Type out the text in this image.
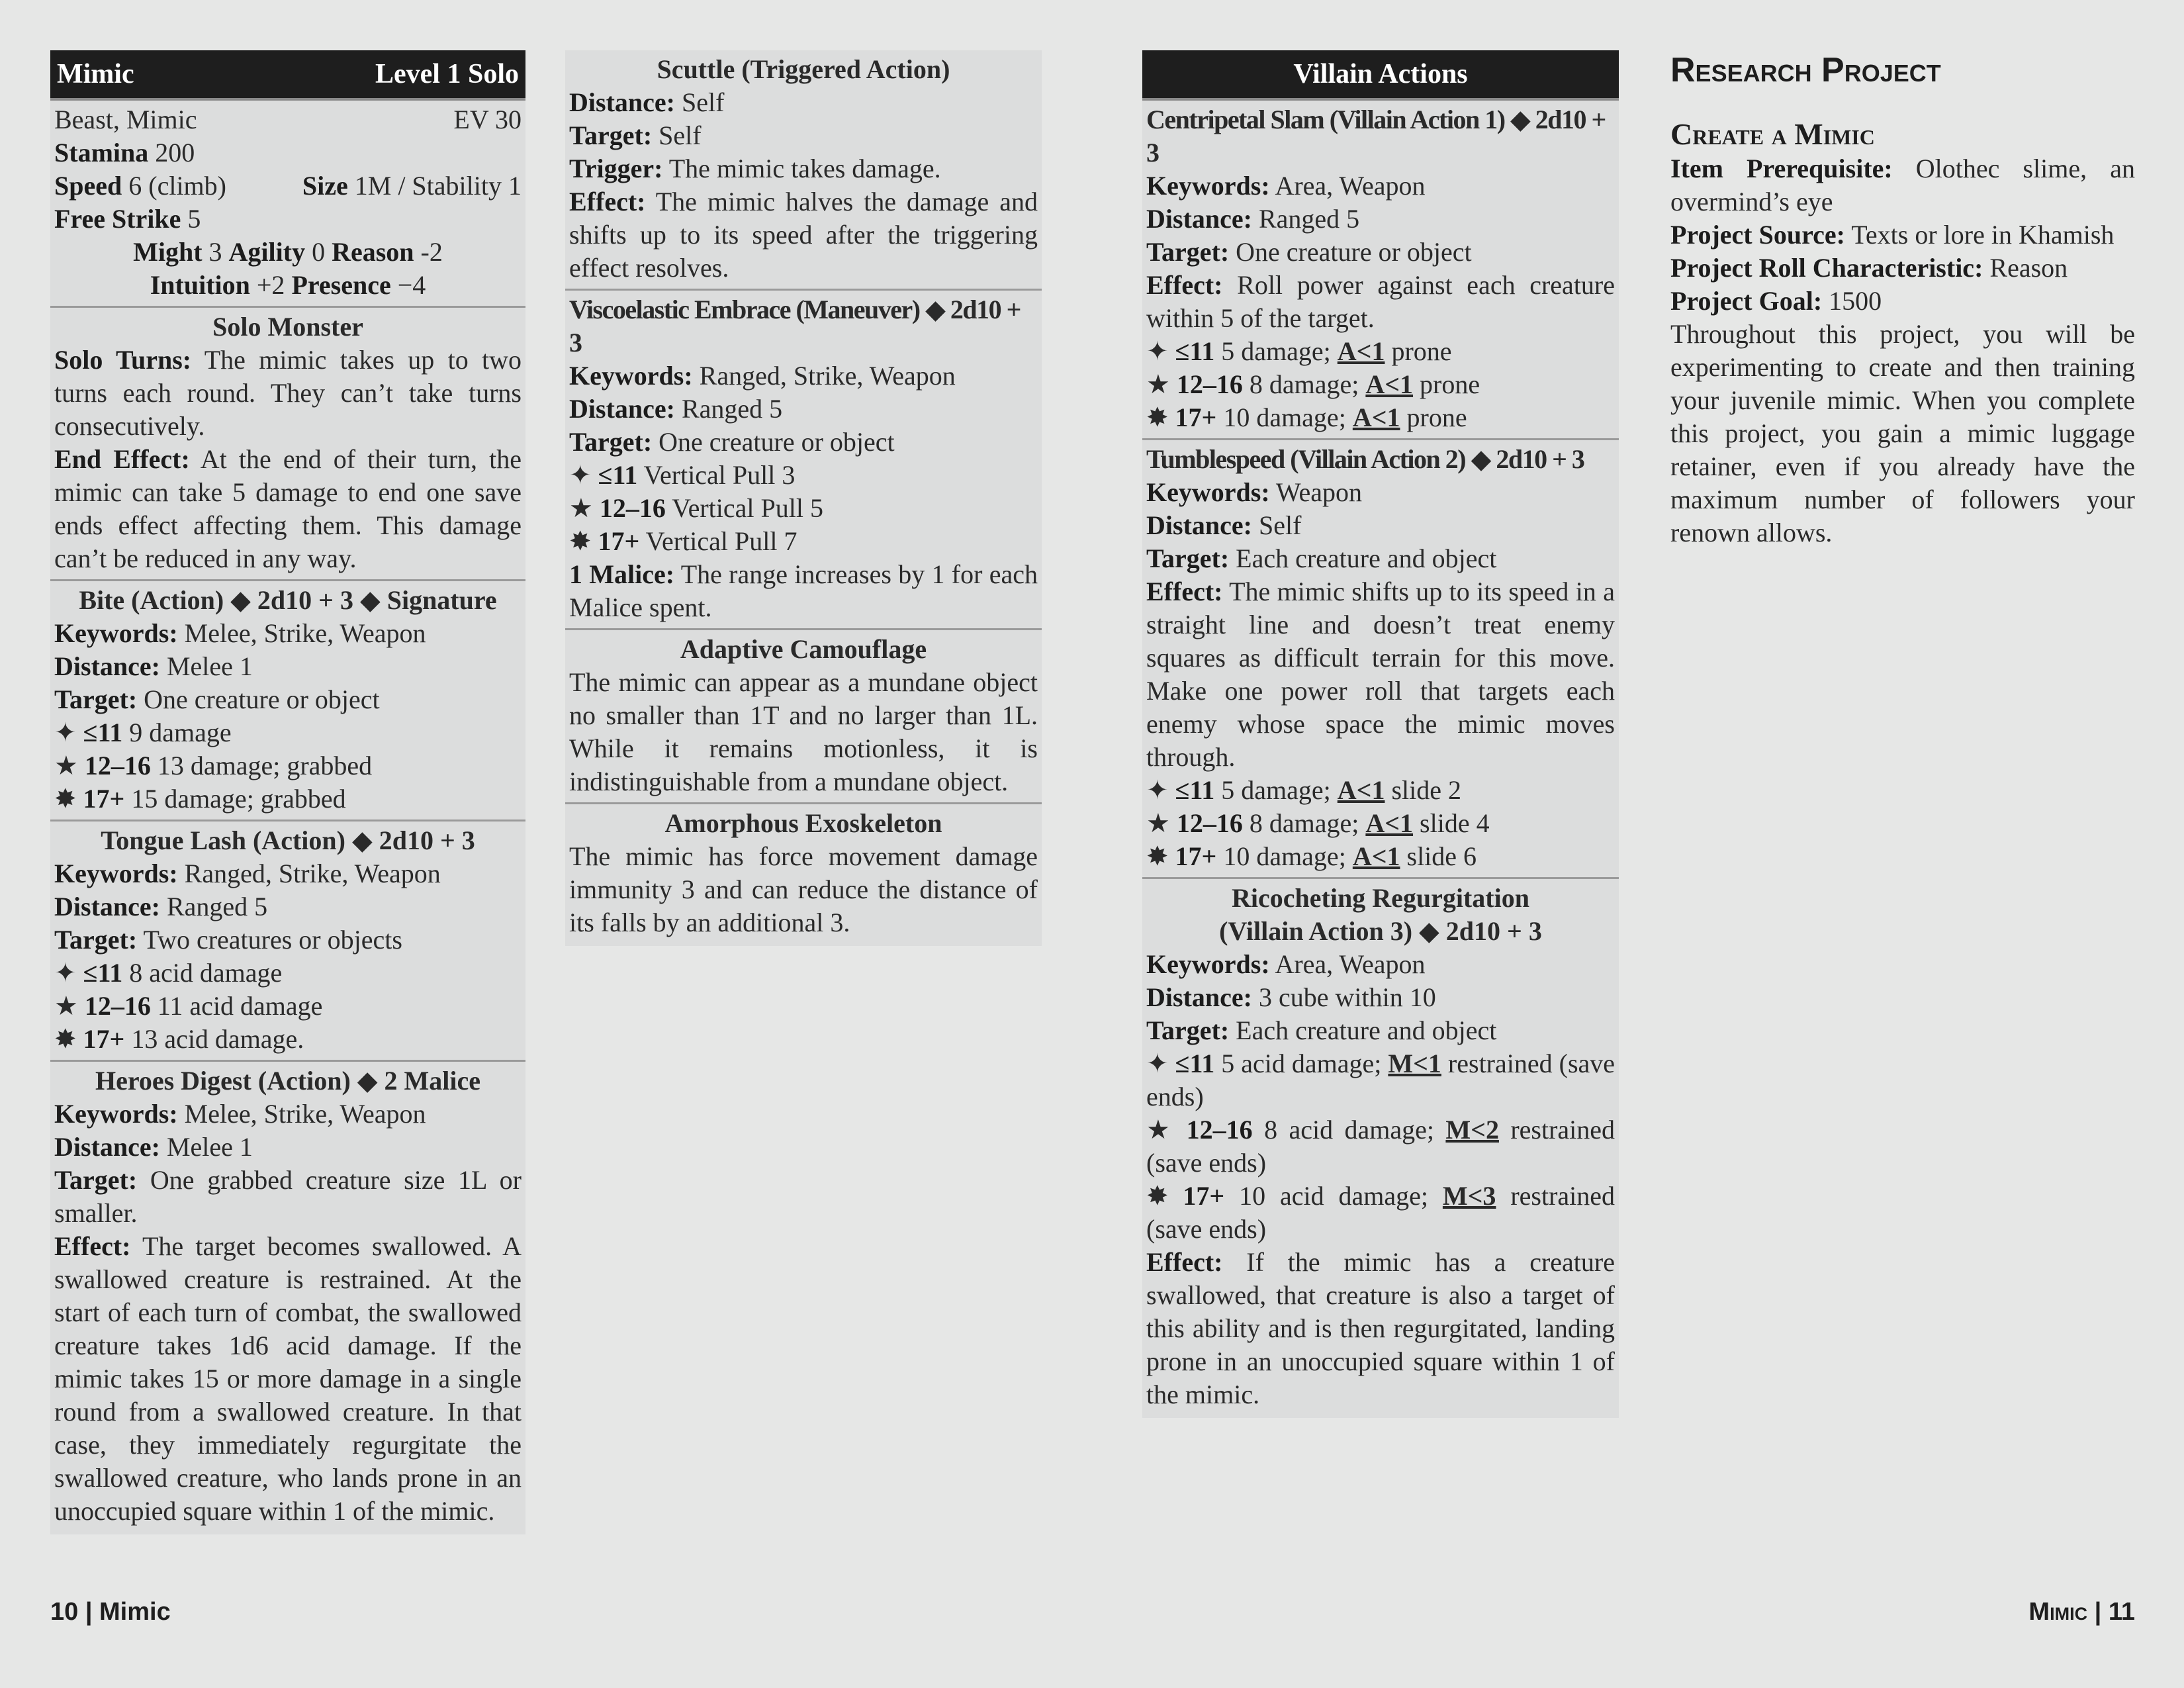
Mimic	Level 1 Solo
Beast, Mimic	EV 30
Stamina 200
Speed 6 (climb)	Size 1M / Stability 1
Free Strike 5
Might 3 Agility 0 Reason -2
Intuition +2 Presence −4
Solo Monster
Solo Turns: The mimic takes up to two turns each round. They can’t take turns consecutively.
End Effect: At the end of their turn, the mimic can take 5 damage to end one save ends effect affecting them. This damage can’t be reduced in any way.
Bite (Action) ◆ 2d10 + 3 ◆ Signature
Keywords: Melee, Strike, Weapon
Distance: Melee 1
Target: One creature or object
✦ ≤11 9 damage
★ 12–16 13 damage; grabbed
✸ 17+ 15 damage; grabbed
Tongue Lash (Action) ◆ 2d10 + 3
Keywords: Ranged, Strike, Weapon
Distance: Ranged 5
Target: Two creatures or objects
✦ ≤11 8 acid damage
★ 12–16 11 acid damage
✸ 17+ 13 acid damage.
Heroes Digest (Action) ◆ 2 Malice
Keywords: Melee, Strike, Weapon
Distance: Melee 1
Target: One grabbed creature size 1L or smaller.
Effect: The target becomes swallowed. A swallowed creature is restrained. At the start of each turn of combat, the swallowed creature takes 1d6 acid damage. If the mimic takes 15 or more damage in a single round from a swallowed creature. In that case, they immediately regurgitate the swallowed creature, who lands prone in an unoccupied square within 1 of the mimic.
Scuttle (Triggered Action)
Distance: Self
Target: Self
Trigger: The mimic takes damage.
Effect: The mimic halves the damage and shifts up to its speed after the triggering effect resolves.
Viscoelastic Embrace (Maneuver) ◆ 2d10 + 3
Keywords: Ranged, Strike, Weapon
Distance: Ranged 5
Target: One creature or object
✦ ≤11 Vertical Pull 3
★ 12–16 Vertical Pull 5
✸ 17+ Vertical Pull 7
1 Malice: The range increases by 1 for each Malice spent.
Adaptive Camouflage
The mimic can appear as a mundane object no smaller than 1T and no larger than 1L. While it remains motionless, it is indistinguishable from a mundane object.
Amorphous Exoskeleton
The mimic has force movement damage immunity 3 and can reduce the distance of its falls by an additional 3.
Villain Actions
Centripetal Slam (Villain Action 1) ◆ 2d10 + 3
Keywords: Area, Weapon
Distance: Ranged 5
Target: One creature or object
Effect: Roll power against each creature within 5 of the target.
✦ ≤11 5 damage; A<1 prone
★ 12–16 8 damage; A<1 prone
✸ 17+ 10 damage; A<1 prone
Tumblespeed (Villain Action 2) ◆ 2d10 + 3
Keywords: Weapon
Distance: Self
Target: Each creature and object
Effect: The mimic shifts up to its speed in a straight line and doesn’t treat enemy squares as difficult terrain for this move. Make one power roll that targets each enemy whose space the mimic moves through.
✦ ≤11 5 damage; A<1 slide 2
★ 12–16 8 damage; A<1 slide 4
✸ 17+ 10 damage; A<1 slide 6
Ricocheting Regurgitation
(Villain Action 3) ◆ 2d10 + 3
Keywords: Area, Weapon
Distance: 3 cube within 10
Target: Each creature and object
✦ ≤11 5 acid damage; M<1 restrained (save ends)
★ 12–16 8 acid damage; M<2 restrained (save ends)
✸ 17+ 10 acid damage; M<3 restrained (save ends)
Effect: If the mimic has a creature swallowed, that creature is also a target of this ability and is then regurgitated, landing prone in an unoccupied square within 1 of the mimic.
Research Project
Create a Mimic
Item Prerequisite: Olothec slime, an overmind’s eye
Project Source: Texts or lore in Khamish
Project Roll Characteristic: Reason
Project Goal: 1500
Throughout this project, you will be experimenting to create and then training your juvenile mimic. When you complete this project, you gain a mimic luggage retainer, even if you already have the maximum number of followers your renown allows.
10 | Mimic	Mimic | 11
